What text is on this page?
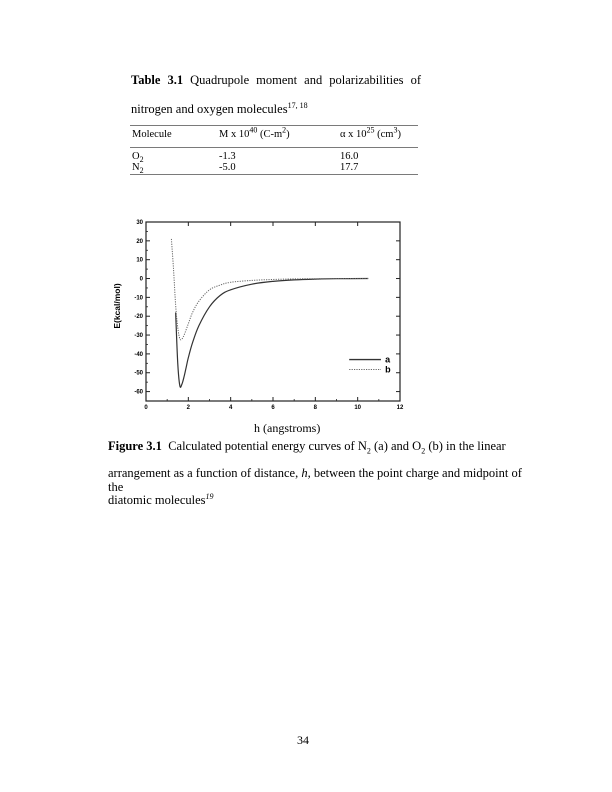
Table 3.1 Quadrupole moment and polarizabilities of
nitrogen and oxygen molecules$^{17, 18}$
Molecule	M x $10^{40}$ $(C-m^2)$	α x $10^{25}$ $(cm^3)$
$O_2$	-1.3	16.0
$N_2$	-5.0	17.7
0	2	4	6	8	10	12
30
20
10
0
-10
-20
-30
-40
-50
-60
a
b
E(kcal/mol)
h (angstroms)
Figure 3.1 Calculated potential energy curves of $N_2$ (a) and $O_2$ (b) in the linear
arrangement as a function of distance, h, between the point charge and midpoint of the
diatomic molecules$^{19}$
34
